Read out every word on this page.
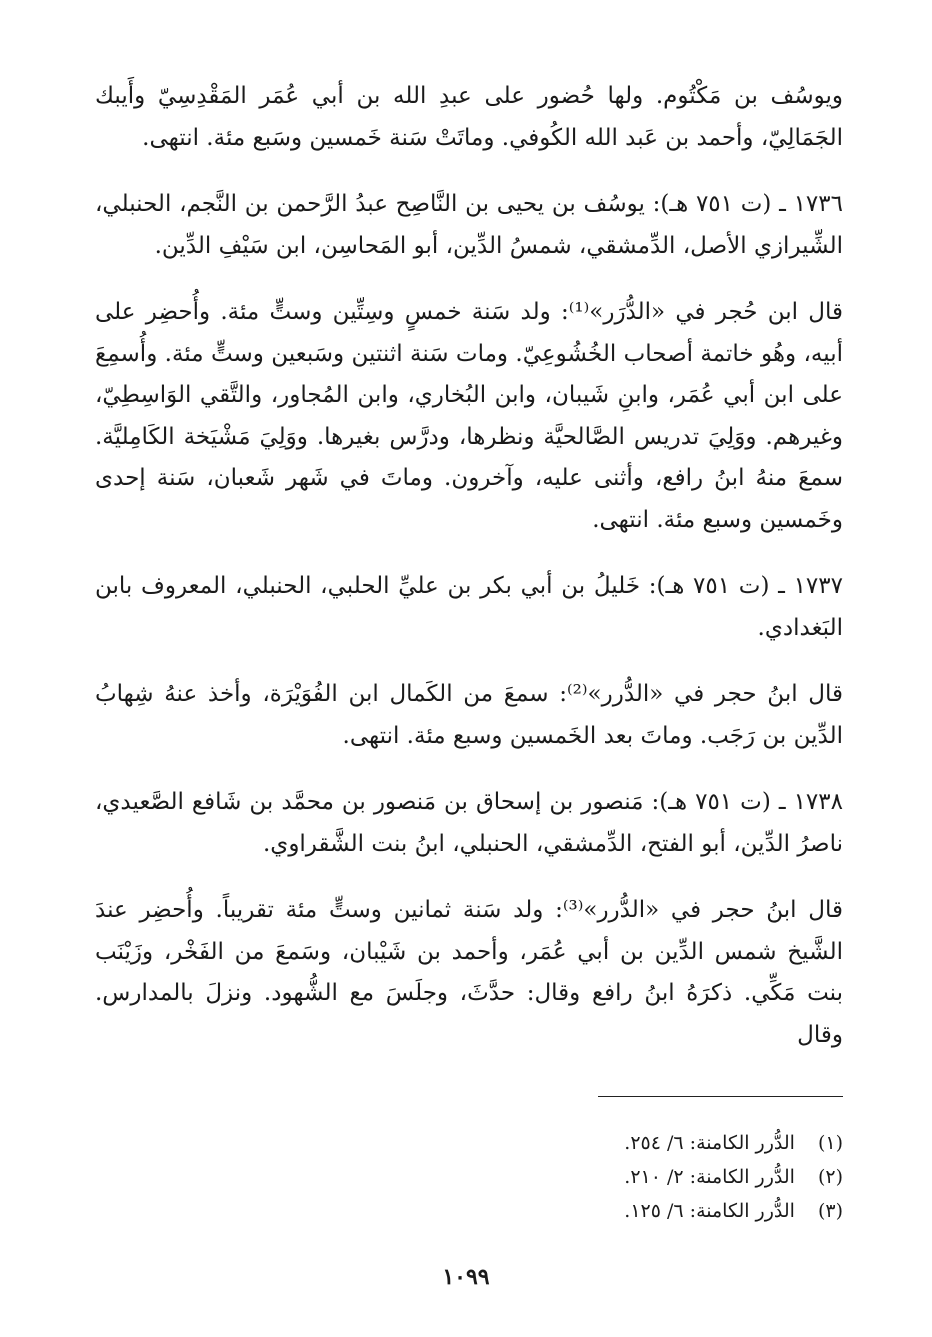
ويوسُف بن مَكْتُوم. ولها حُضور على عبدِ الله بن أبي عُمَر المَقْدِسِيّ وأَيبك الجَمَالِيّ، وأحمد بن عَبد الله الكُوفي. وماتَتْ سَنة خَمسين وسَبع مئة. انتهى.

١٧٣٦ ـ (ت ٧٥١ هـ): يوسُف بن يحيى بن النَّاصِح عبدُ الرَّحمن بن النَّجم، الحنبلي، الشِّيرازي الأصل، الدِّمشقي، شمسُ الدِّين، أبو المَحاسِن، ابن سَيْفِ الدِّين.

قال ابن حُجر في «الدُّرَر»⁽¹⁾: ولد سَنة خمسٍ وسِتِّين وستٍّ مئة. وأُحضِر على أبيه، وهُو خاتمة أصحاب الخُشُوعِيّ. ومات سَنة اثنتين وسَبعين وستٍّ مئة. وأُسمِعَ على ابن أبي عُمَر، وابنِ شَيبان، وابن البُخاري، وابن المُجاور، والتَّقي الوَاسِطِيّ، وغيرهم. ووَلِيَ تدريس الصَّالحيَّة ونظرها، ودرَّس بغيرها. ووَلِيَ مَشْيَخة الكَامِليَّة. سمعَ منهُ ابنُ رافع، وأثنى عليه، وآخرون. وماتَ في شَهر شَعبان، سَنة إحدى وخَمسين وسبع مئة. انتهى.

١٧٣٧ ـ (ت ٧٥١ هـ): خَليلُ بن أبي بكر بن عليِّ الحلبي، الحنبلي، المعروف بابن البَغدادي.

قال ابنُ حجر في «الدُّرر»⁽²⁾: سمعَ من الكَمال ابن الفُوَيْرَة، وأخذ عنهُ شِهابُ الدِّين بن رَجَب. وماتَ بعد الخَمسين وسبع مئة. انتهى.

١٧٣٨ ـ (ت ٧٥١ هـ): مَنصور بن إسحاق بن مَنصور بن محمَّد بن شَافع الصَّعيدي، ناصرُ الدِّين، أبو الفتح، الدِّمشقي، الحنبلي، ابنُ بنت الشَّقراوي.

قال ابنُ حجر في «الدُّرر»⁽³⁾: ولد سَنة ثمانين وستٍّ مئة تقريباً. وأُحضِر عندَ الشَّيخ شمس الدِّين بن أبي عُمَر، وأحمد بن شَيْبان، وسَمعَ من الفَخْر، وزَيْنَب بنت مَكِّي. ذكرَهُ ابنُ رافع وقال: حدَّثَ، وجلَسَ مع الشُّهود. ونزلَ بالمدارس. وقال

(١) الدُّرر الكامنة: ٦/ ٢٥٤.

(٢) الدُّرر الكامنة: ٢/ ٢١٠.

(٣) الدُّرر الكامنة: ٦/ ١٢٥.

١٠٩٩
